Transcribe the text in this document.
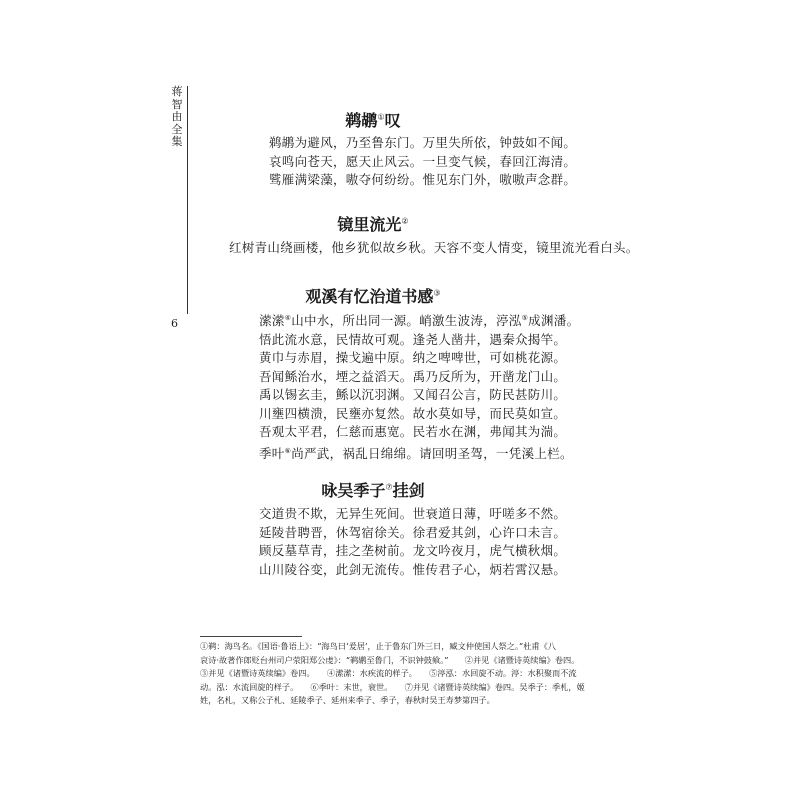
蒋智由全集
6
鹈鹕①叹
鹈鹕为避风，乃至鲁东门。万里失所依，钟鼓如不闻。
哀鸣向苍天，愿天止风云。一旦变气候，春回江海清。
骘雁满梁藻，嗷夺何纷纷。惟见东门外，嗷嗷声念群。
镜里流光②
红树青山绕画楼，他乡犹似故乡秋。天容不变人情变，镜里流光看白头。
观溪有忆治道书感③
潆潆④山中水，所出同一源。峭激生波涛，渟泓⑤成渊潘。
悟此流水意，民情故可观。逢尧人凿井，遇秦众揭竿。
黄巾与赤眉，操戈遍中原。纳之啤啤世，可如桃花源。
吾闻鲧治水，堙之益滔天。禹乃反所为，开凿龙门山。
禹以锡玄圭，鲧以沉羽渊。又闻召公言，防民甚防川。
川壅四横溃，民壅亦复然。故水莫如导，而民莫如宣。
吾观太平君，仁慈而惠宽。民若水在渊，弗闻其为湍。
季叶⑥尚严武，祸乱日绵绵。请回明圣驾，一凭溪上栏。
咏吴季子⑦挂剑
交道贵不欺，无异生死间。世衰道日薄，吁嗟多不然。
延陵昔聘晋，休驾宿徐关。徐君爱其剑，心许口未言。
顾反墓草青，挂之垄树前。龙文吟夜月，虎气横秋烟。
山川陵谷变，此剑无流传。惟传君子心，炳若霄汉悬。
①鹈：海鸟名。《国语·鲁语上》：“海鸟曰‘爰居’，止于鲁东门外三日，臧文仲使国人祭之。”杜甫《八
哀诗·故著作郎贬台州司户荥阳郑公虔》：“鹈鹕至鲁门，不识钟鼓飨。”　　②并见《诸暨诗英续编》卷四。
③并见《诸暨诗英续编》卷四。　　④潆潆：水疾流的样子。　　⑤渟泓：水回旋不动。渟：水积聚而不流
动。泓：水流回旋的样子。　　⑥季叶：末世，衰世。　　⑦并见《诸暨诗英续编》卷四。吴季子：季札，姬
姓，名札，又称公子札、延陵季子、延州来季子、季子，春秋时吴王寿梦第四子。
